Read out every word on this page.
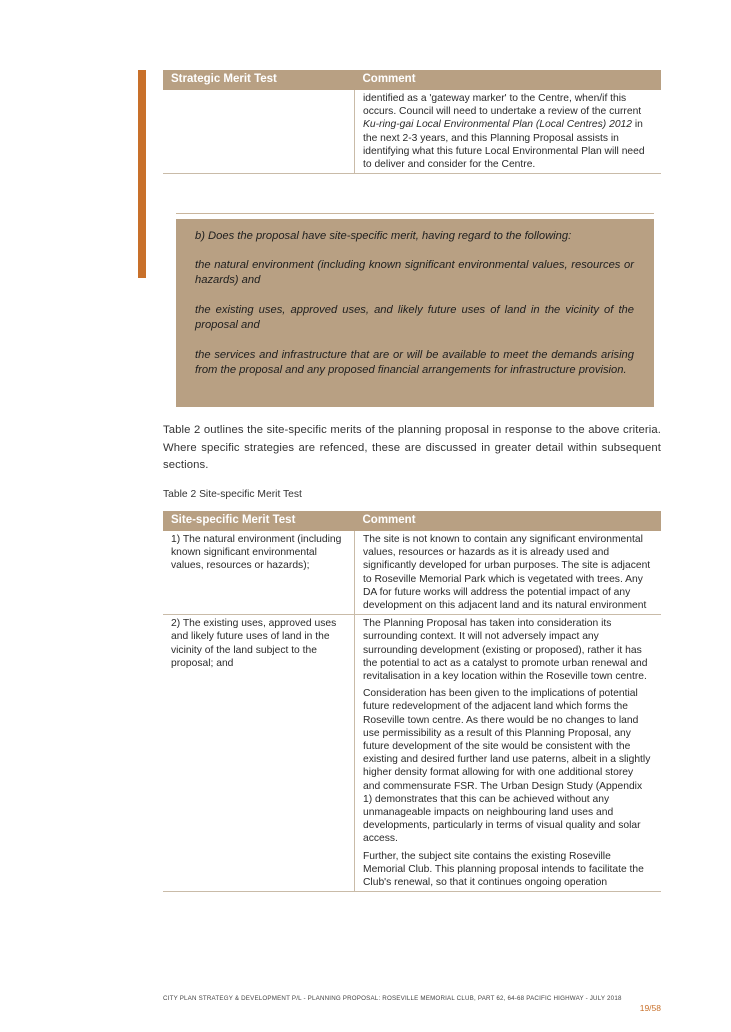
Strategic Merit Test	Comment
	identified as a 'gateway marker' to the Centre, when/if this occurs. Council will need to undertake a review of the current Ku-ring-gai Local Environmental Plan (Local Centres) 2012 in the next 2-3 years, and this Planning Proposal assists in identifying what this future Local Environmental Plan will need to deliver and consider for the Centre.

b) Does the proposal have site-specific merit, having regard to the following:

the natural environment (including known significant environmental values, resources or hazards) and

the existing uses, approved uses, and likely future uses of land in the vicinity of the proposal and

the services and infrastructure that are or will be available to meet the demands arising from the proposal and any proposed financial arrangements for infrastructure provision.

Table 2 outlines the site-specific merits of the planning proposal in response to the above criteria. Where specific strategies are refenced, these are discussed in greater detail within subsequent sections.

Table 2 Site-specific Merit Test

Site-specific Merit Test	Comment
1) The natural environment (including known significant environmental values, resources or hazards);	The site is not known to contain any significant environmental values, resources or hazards as it is already used and significantly developed for urban purposes. The site is adjacent to Roseville Memorial Park which is vegetated with trees. Any DA for future works will address the potential impact of any development on this adjacent land and its natural environment

2) The existing uses, approved uses and likely future uses of land in the vicinity of the land subject to the proposal; and	The Planning Proposal has taken into consideration its surrounding context. It will not adversely impact any surrounding development (existing or proposed), rather it has the potential to act as a catalyst to promote urban renewal and revitalisation in a key location within the Roseville town centre.

Consideration has been given to the implications of potential future redevelopment of the adjacent land which forms the Roseville town centre. As there would be no changes to land use permissibility as a result of this Planning Proposal, any future development of the site would be consistent with the existing and desired further land use paterns, albeit in a slightly higher density format allowing for with one additional storey and commensurate FSR. The Urban Design Study (Appendix 1) demonstrates that this can be achieved without any unmanageable impacts on neighbouring land uses and developments, particularly in terms of visual quality and solar access.

Further, the subject site contains the existing Roseville Memorial Club. This planning proposal intends to facilitate the Club's renewal, so that it continues ongoing operation

CITY PLAN STRATEGY & DEVELOPMENT P/L - PLANNING PROPOSAL: ROSEVILLE MEMORIAL CLUB, PART 62, 64-68 PACIFIC HIGHWAY - JULY 2018
19/58
